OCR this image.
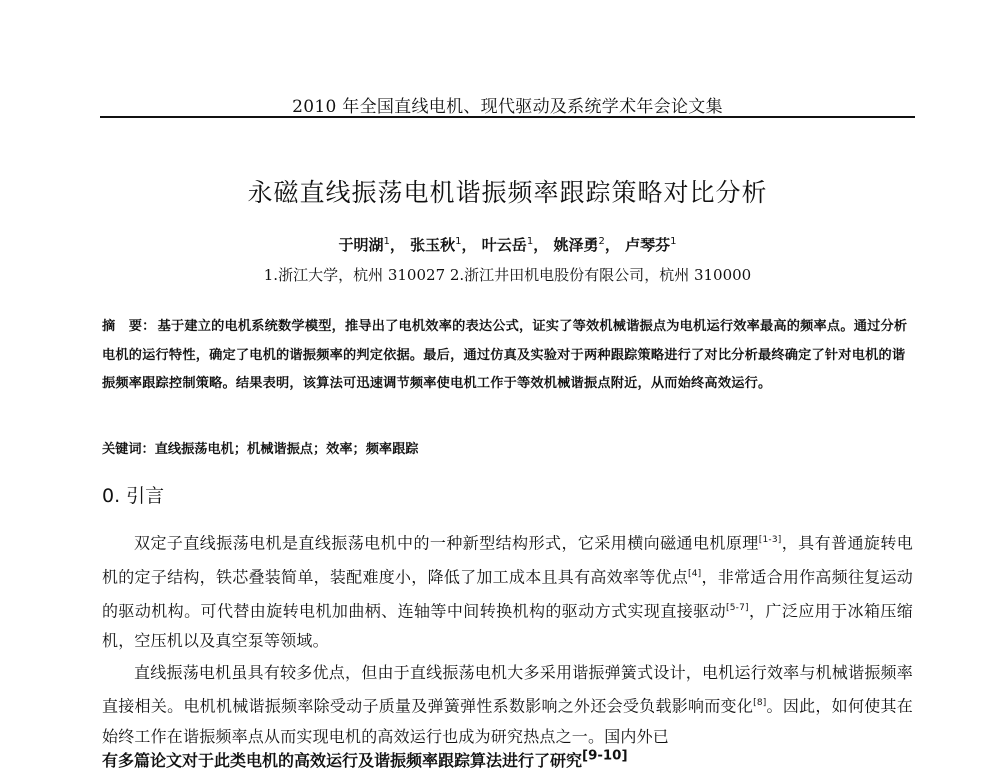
2010 年全国直线电机、现代驱动及系统学术年会论文集
永磁直线振荡电机谐振频率跟踪策略对比分析
于明湖$^1$， 张玉秋$^1$， 叶云岳$^1$， 姚泽勇$^2$， 卢琴芬$^1$
1.浙江大学，杭州 310027 2.浙江井田机电股份有限公司，杭州 310000
摘　要： 基于建立的电机系统数学模型，推导出了电机效率的表达公式，证实了等效机械谐振点为电机运行效率最高的频率点。通过分析电机的运行特性，确定了电机的谐振频率的判定依据。最后，通过仿真及实验对于两种跟踪策略进行了对比分析最终确定了针对电机的谐振频率跟踪控制策略。结果表明，该算法可迅速调节频率使电机工作于等效机械谐振点附近，从而始终高效运行。
关键词：直线振荡电机；机械谐振点；效率；频率跟踪
0. 引言

双定子直线振荡电机是直线振荡电机中的一种新型结构形式，它采用横向磁通电机原理[1-3]，具有普通旋转电机的定子结构，铁芯叠装简单，装配难度小，降低了加工成本且具有高效率等优点[4]，非常适合用作高频往复运动的驱动机构。可代替由旋转电机加曲柄、连轴等中间转换机构的驱动方式实现直接驱动[5-7]，广泛应用于冰箱压缩机，空压机以及真空泵等领域。

直线振荡电机虽具有较多优点，但由于直线振荡电机大多采用谐振弹簧式设计，电机运行效率与机械谐振频率直接相关。电机机械谐振频率除受动子质量及弹簧弹性系数影响之外还会受负载影响而变化[8]。因此，如何使其在始终工作在谐振频率点从而实现电机的高效运行也成为研究热点之一。国内外已

有多篇论文对于此类电机的高效运行及谐振频率跟踪算法进行了研究[9-10]
